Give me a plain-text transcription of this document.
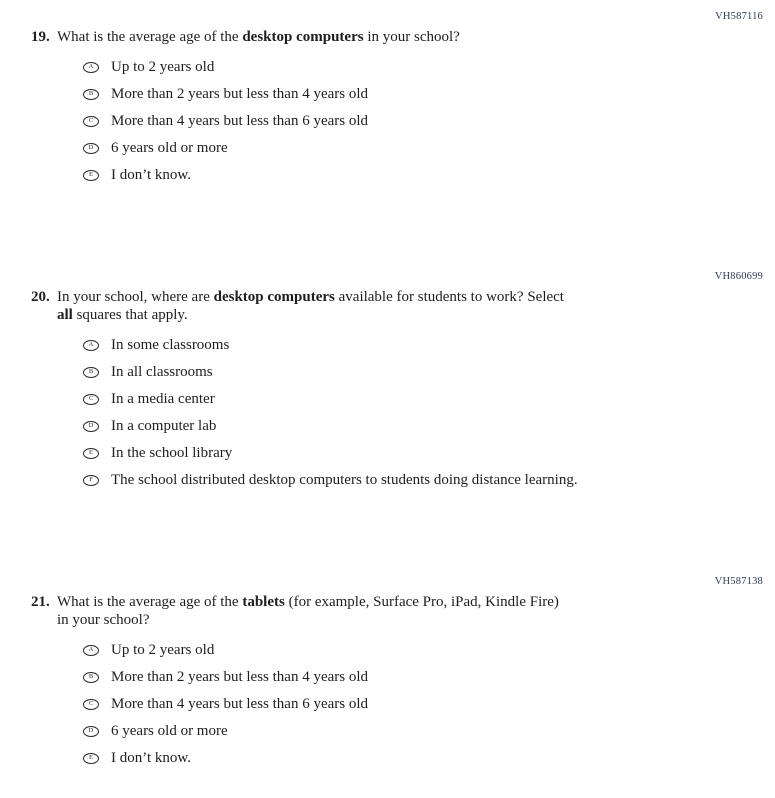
VH587116
19. What is the average age of the desktop computers in your school?
A Up to 2 years old
B More than 2 years but less than 4 years old
C More than 4 years but less than 6 years old
D 6 years old or more
E I don’t know.
VH860699
20. In your school, where are desktop computers available for students to work? Select
all squares that apply.
A In some classrooms
B In all classrooms
C In a media center
D In a computer lab
E In the school library
F The school distributed desktop computers to students doing distance learning.
VH587138
21. What is the average age of the tablets (for example, Surface Pro, iPad, Kindle Fire)
in your school?
A Up to 2 years old
B More than 2 years but less than 4 years old
C More than 4 years but less than 6 years old
D 6 years old or more
E I don’t know.
